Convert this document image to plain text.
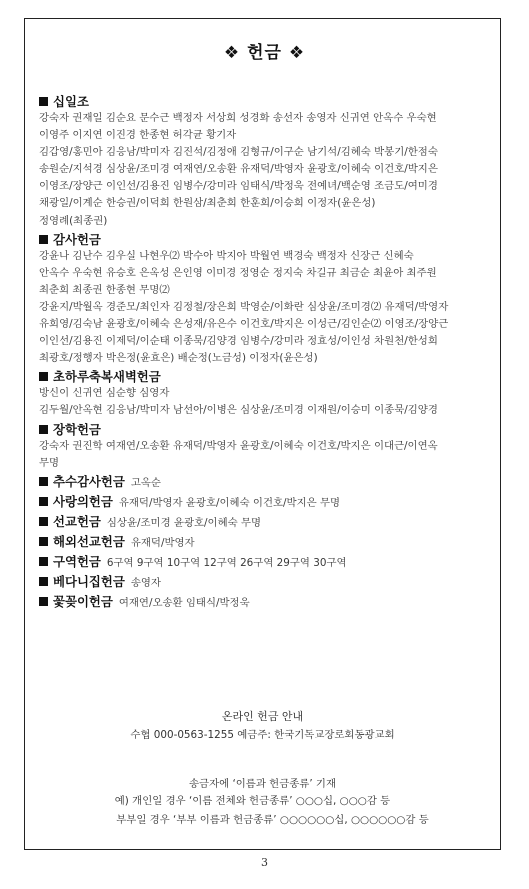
❖ 헌금 ❖
십일조
강숙자 권재일 김순요 문수근 백정자 서상희 성경화 송선자 송영자 신귀연 안옥수 우숙현
이영주 이지연 이진경 한종현 허각균 황기자
김갑영/홍민아 김응남/박미자 김진석/김정애 김형규/이구순 남기석/김혜숙 박봉기/한점숙
송원순/지석경 심상윤/조미경 여재연/오송환 유재덕/박영자 윤광호/이혜숙 이건호/박지은
이영조/장양근 이인선/김용진 임병수/강미라 임태식/박정욱 전예녀/백순영 조금도/여미경
채광일/이계순 한승권/이덕희 한원삼/최춘희 한훈희/이승희 이정자(윤은성)
정영례(최종권)
감사헌금
강윤나 김난수 김우실 나현우⑵ 박수아 박지아 박월연 백경숙 백정자 신장근 신혜숙
안옥수 우숙현 유승호 은옥성 은인영 이미경 정영순 정지숙 차길규 최금순 최윤아 최주원
최춘희 최종권 한종현 무명⑵
강윤지/박월옥 경준모/최인자 김정철/장은희 박영순/이화란 심상윤/조미경⑵ 유재덕/박영자
유희영/김숙남 윤광호/이혜숙 은성재/유은수 이건호/박지은 이성근/김인순⑵ 이영조/장양근
이인선/김용진 이제덕/이순태 이종묵/김양경 임병수/강미라 정효성/이인성 차원천/한성희
최광호/정행자 박은정(윤효은) 배순정(노금성) 이정자(윤은성)
초하루축복새벽헌금
방신이 신귀연 심순향 심영자
김두월/안옥현 김응남/박미자 남선아/이병은 심상윤/조미경 이재원/이승미 이종묵/김양경
장학헌금
강숙자 권진학 여재연/오송환 유재덕/박영자 윤광호/이혜숙 이건호/박지은 이대근/이연옥
무명
추수감사헌금 고옥순
사랑의헌금 유재덕/박영자 윤광호/이혜숙 이건호/박지은 무명
선교헌금 심상윤/조미경 윤광호/이혜숙 무명
해외선교헌금 유재덕/박영자
구역헌금 6구역 9구역 10구역 12구역 26구역 29구역 30구역
베다니집헌금 송영자
꽃꽂이헌금 여재연/오송환 임태식/박정욱
온라인 헌금 안내
수협 000-0563-1255 예금주: 한국기독교장로회동광교회
송금자에 ‘이름과 헌금종류’ 기재
예) 개인일 경우 ‘이름 전체와 헌금종류’ ○○○십, ○○○감 등
부부일 경우 ‘부부 이름과 헌금종류’ ○○○○○○십, ○○○○○○감 등
3
